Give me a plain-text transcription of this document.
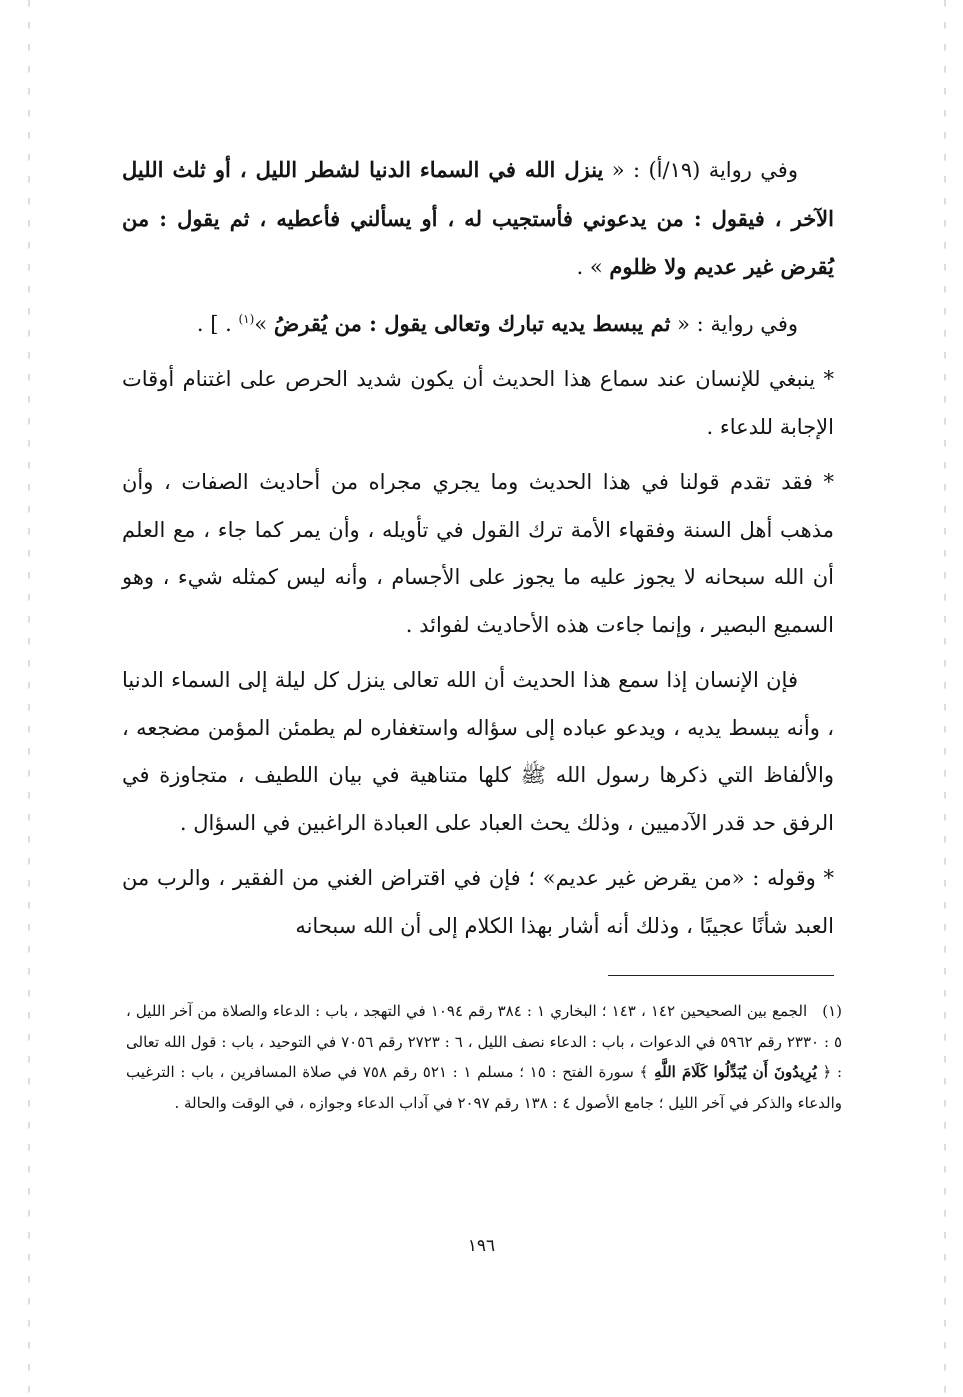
وفي رواية (١٩/أ) : « ينزل الله في السماء الدنيا لشطر الليل ، أو ثلث الليل الآخر ، فيقول : من يدعوني فأستجيب له ، أو يسألني فأعطيه ، ثم يقول : من يُقرض غير عديم ولا ظلوم » .

وفي رواية : « ثم يبسط يديه تبارك وتعالى يقول : من يُقرضُ »$^{(١)}$ . ] .

* ينبغي للإنسان عند سماع هذا الحديث أن يكون شديد الحرص على اغتنام أوقات الإجابة للدعاء .

* فقد تقدم قولنا في هذا الحديث وما يجري مجراه من أحاديث الصفات ، وأن مذهب أهل السنة وفقهاء الأمة ترك القول في تأويله ، وأن يمر كما جاء ، مع العلم أن الله سبحانه لا يجوز عليه ما يجوز على الأجسام ، وأنه ليس كمثله شيء ، وهو السميع البصير ، وإنما جاءت هذه الأحاديث لفوائد .

فإن الإنسان إذا سمع هذا الحديث أن الله تعالى ينزل كل ليلة إلى السماء الدنيا ، وأنه يبسط يديه ، ويدعو عباده إلى سؤاله واستغفاره لم يطمئن المؤمن مضجعه ، والألفاظ التي ذكرها رسول الله ﷺ كلها متناهية في بيان اللطيف ، متجاوزة في الرفق حد قدر الآدميين ، وذلك يحث العباد على العبادة الراغبين في السؤال .

* وقوله : «من يقرض غير عديم» ؛ فإن في اقتراض الغني من الفقير ، والرب من العبد شأنًا عجيبًا ، وذلك أنه أشار بهذا الكلام إلى أن الله سبحانه

(١) الجمع بين الصحيحين ١٤٢ ، ١٤٣ ؛ البخاري ١ : ٣٨٤ رقم ١٠٩٤ في التهجد ، باب : الدعاء والصلاة من آخر الليل ، ٥ : ٢٣٣٠ رقم ٥٩٦٢ في الدعوات ، باب : الدعاء نصف الليل ، ٦ : ٢٧٢٣ رقم ٧٠٥٦ في التوحيد ، باب : قول الله تعالى : ﴿ يُرِيدُونَ أَن يُبَدِّلُوا كَلَامَ اللَّهِ ﴾ سورة الفتح : ١٥ ؛ مسلم ١ : ٥٢١ رقم ٧٥٨ في صلاة المسافرين ، باب : الترغيب والدعاء والذكر في آخر الليل ؛ جامع الأصول ٤ : ١٣٨ رقم ٢٠٩٧ في آداب الدعاء وجوازه ، في الوقت والحالة .
١٩٦
